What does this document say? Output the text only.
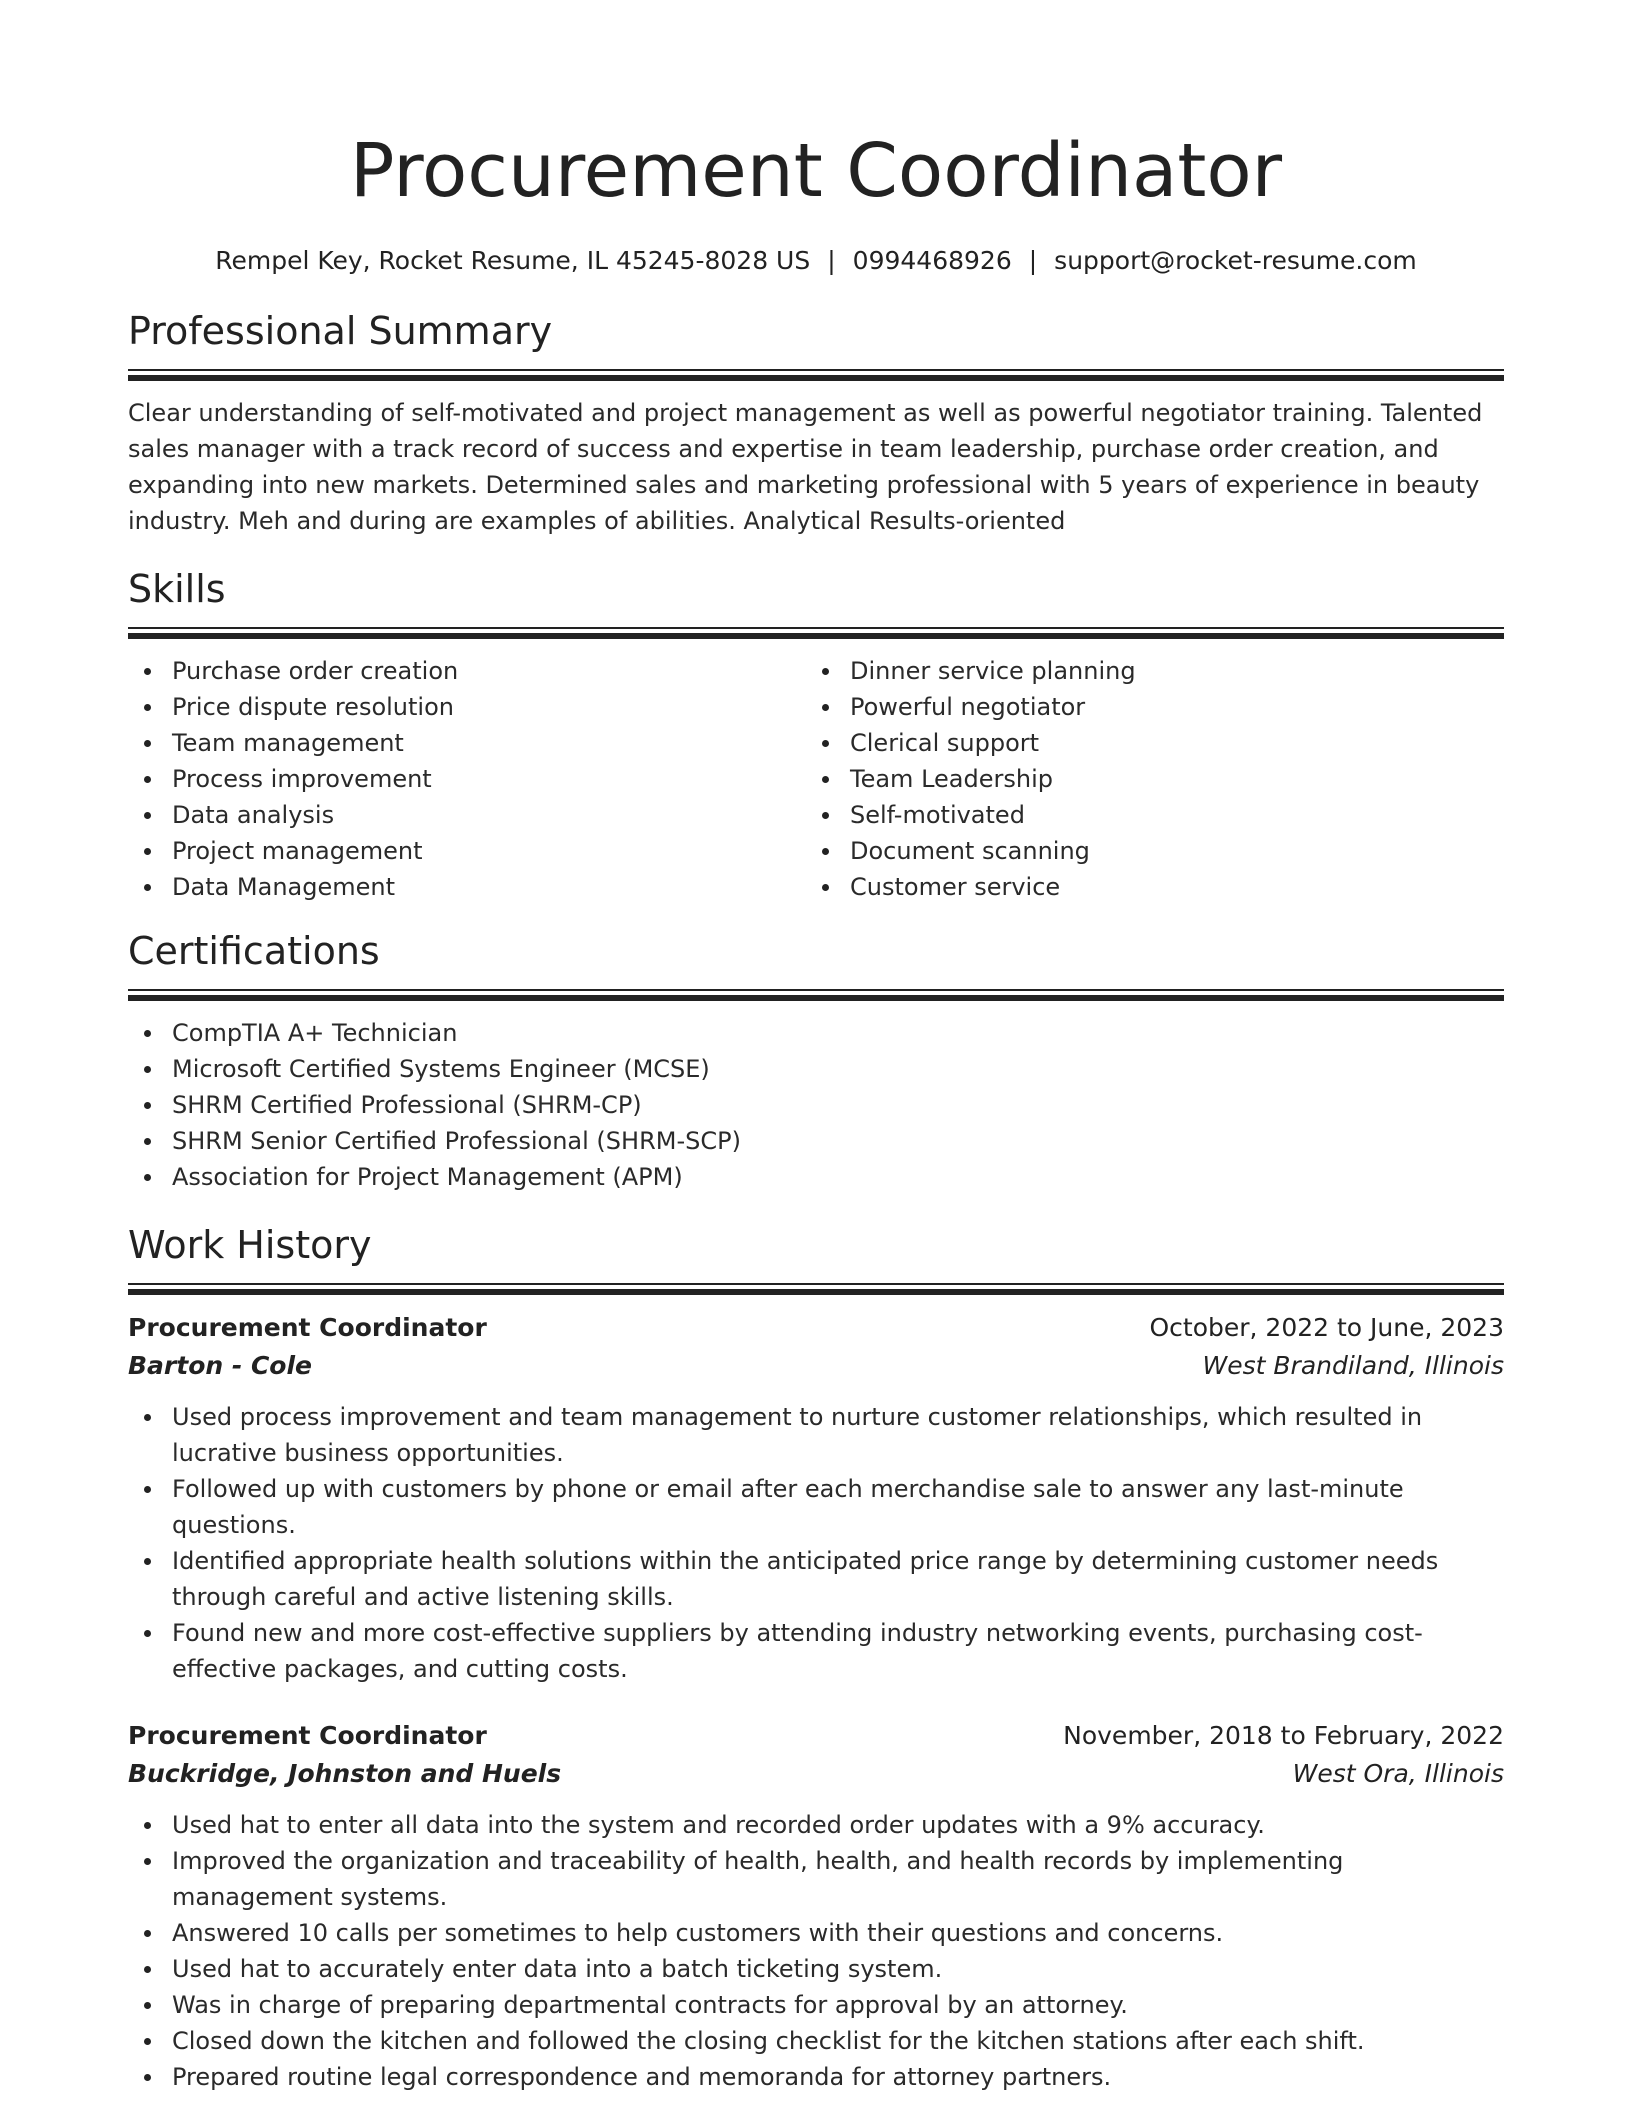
Procurement Coordinator
Rempel Key, Rocket Resume, IL 45245-8028 US | 0994468926 | support@rocket-resume.com
Professional Summary
Clear understanding of self-motivated and project management as well as powerful negotiator training. Talented sales manager with a track record of success and expertise in team leadership, purchase order creation, and expanding into new markets. Determined sales and marketing professional with 5 years of experience in beauty industry. Meh and during are examples of abilities. Analytical Results-oriented
Skills
Purchase order creation
Price dispute resolution
Team management
Process improvement
Data analysis
Project management
Data Management
Dinner service planning
Powerful negotiator
Clerical support
Team Leadership
Self-motivated
Document scanning
Customer service
Certifications
CompTIA A+ Technician
Microsoft Certified Systems Engineer (MCSE)
SHRM Certified Professional (SHRM-CP)
SHRM Senior Certified Professional (SHRM-SCP)
Association for Project Management (APM)
Work History
Procurement Coordinator	October, 2022 to June, 2023
Barton - Cole	West Brandiland, Illinois
Used process improvement and team management to nurture customer relationships, which resulted in lucrative business opportunities.
Followed up with customers by phone or email after each merchandise sale to answer any last-minute questions.
Identified appropriate health solutions within the anticipated price range by determining customer needs through careful and active listening skills.
Found new and more cost-effective suppliers by attending industry networking events, purchasing cost-effective packages, and cutting costs.
Procurement Coordinator	November, 2018 to February, 2022
Buckridge, Johnston and Huels	West Ora, Illinois
Used hat to enter all data into the system and recorded order updates with a 9% accuracy.
Improved the organization and traceability of health, health, and health records by implementing management systems.
Answered 10 calls per sometimes to help customers with their questions and concerns.
Used hat to accurately enter data into a batch ticketing system.
Was in charge of preparing departmental contracts for approval by an attorney.
Closed down the kitchen and followed the closing checklist for the kitchen stations after each shift.
Prepared routine legal correspondence and memoranda for attorney partners.
